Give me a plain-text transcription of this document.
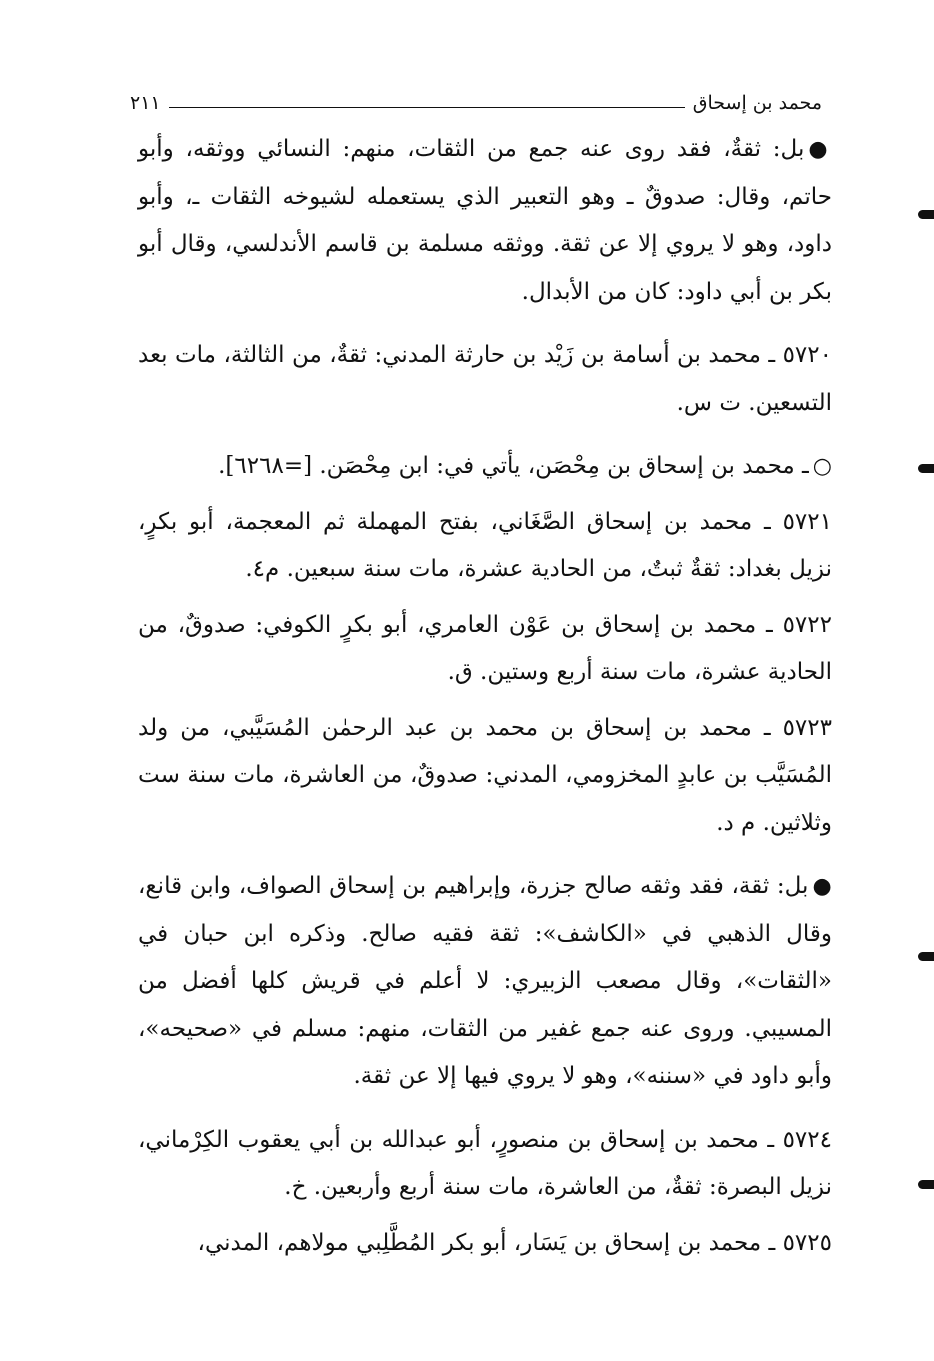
محمد بن إسحاق
٢١١

●بل: ثقةٌ، فقد روى عنه جمع من الثقات، منهم: النسائي ووثقه، وأبو حاتم، وقال: صدوقٌ ـ وهو التعبير الذي يستعمله لشيوخه الثقات ـ، وأبو داود، وهو لا يروي إلا عن ثقة. ووثقه مسلمة بن قاسم الأندلسي، وقال أبو بكر بن أبي داود: كان من الأبدال.

٥٧٢٠ ـ محمد بن أسامة بن زَيْد بن حارثة المدني: ثقةٌ، من الثالثة، مات بعد التسعين. ت س.

○ـ محمد بن إسحاق بن مِحْصَن، يأتي في: ابن مِحْصَن. [=٦٢٦٨].

٥٧٢١ ـ محمد بن إسحاق الصَّغَاني، بفتح المهملة ثم المعجمة، أبو بكرٍ، نزيل بغداد: ثقةٌ ثبتٌ، من الحادية عشرة، مات سنة سبعين. م٤.

٥٧٢٢ ـ محمد بن إسحاق بن عَوْن العامري، أبو بكرٍ الكوفي: صدوقٌ، من الحادية عشرة، مات سنة أربع وستين. ق.

٥٧٢٣ ـ محمد بن إسحاق بن محمد بن عبد الرحمٰن المُسَيَّبي، من ولد المُسَيَّب بن عابدٍ المخزومي، المدني: صدوقٌ، من العاشرة، مات سنة ست وثلاثين. م د.

●بل: ثقة، فقد وثقه صالح جزرة، وإبراهيم بن إسحاق الصواف، وابن قانع، وقال الذهبي في «الكاشف»: ثقة فقيه صالح. وذكره ابن حبان في «الثقات»، وقال مصعب الزبيري: لا أعلم في قريش كلها أفضل من المسيبي. وروى عنه جمع غفير من الثقات، منهم: مسلم في «صحيحه»، وأبو داود في «سننه»، وهو لا يروي فيها إلا عن ثقة.

٥٧٢٤ ـ محمد بن إسحاق بن منصورٍ، أبو عبدالله بن أبي يعقوب الكِرْماني، نزيل البصرة: ثقةٌ، من العاشرة، مات سنة أربع وأربعين. خ.

٥٧٢٥ ـ محمد بن إسحاق بن يَسَار، أبو بكر المُطَّلِبي مولاهم، المدني،
